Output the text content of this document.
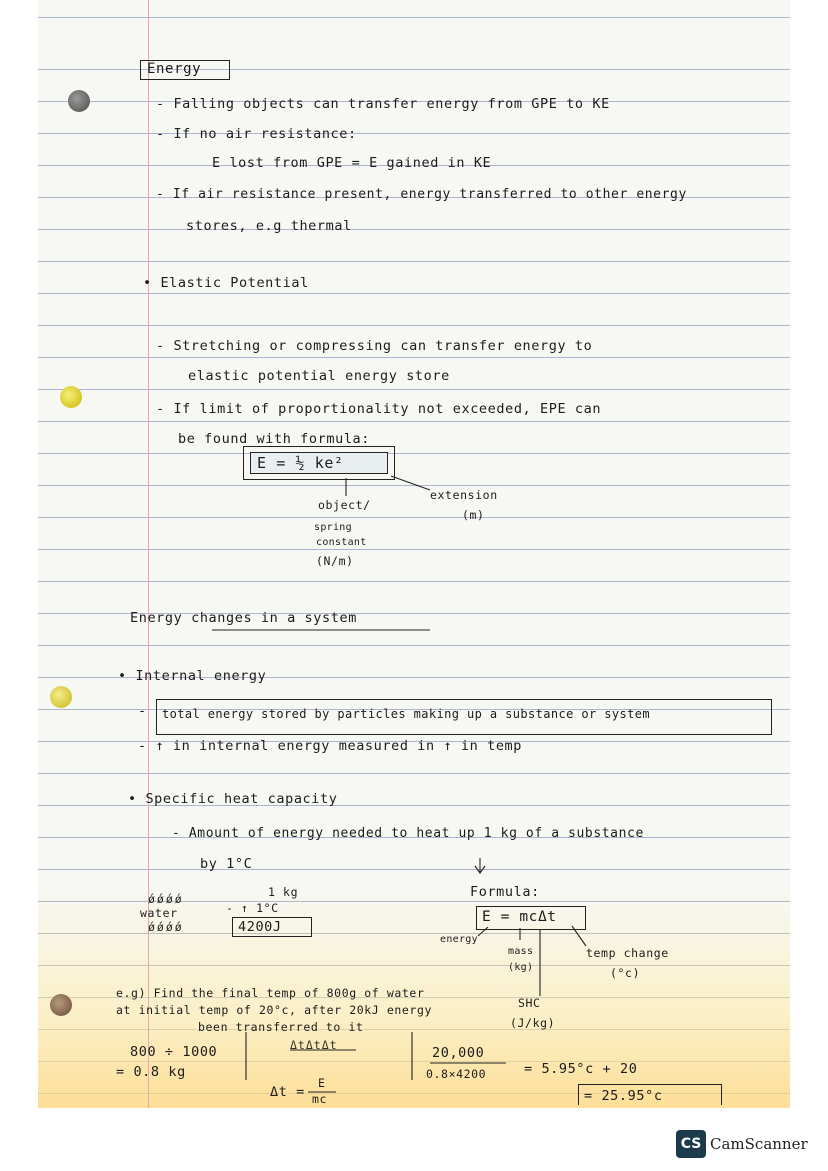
Energy
- Falling objects can transfer energy from GPE to KE
- If no air resistance:
E lost from GPE = E gained in KE
- If air resistance present, energy transferred to other energy
stores, e.g thermal
• Elastic Potential
- Stretching or compressing can transfer energy to
elastic potential energy store
- If limit of proportionality not exceeded, EPE can
be found with formula:
E = ½ ke²
extension
(m)
object/
spring
constant
(N/m)
Energy changes in a system
• Internal energy
- total energy stored by particles making up a substance or system
- ↑ in internal energy measured in ↑ in temp
• Specific heat capacity
- Amount of energy needed to heat up 1 kg of a substance
by 1°C
ǿǿǿǿ
water
ǿǿǿǿ
1 kg
- ↑ 1°C
4200J
Formula:
E = mcΔt
energy
mass
(kg)
temp change
(°c)
SHC
(J/kg)
e.g) Find the final temp of 800g of water
at initial temp of 20°c, after 20kJ energy
been transferred to it
800 ÷ 1000
= 0.8 kg
ΔtΔtΔt
Δt =
E
mc
20,000
0.8×4200	= 5.95°c + 20
= 25.95°c
CS CamScanner
